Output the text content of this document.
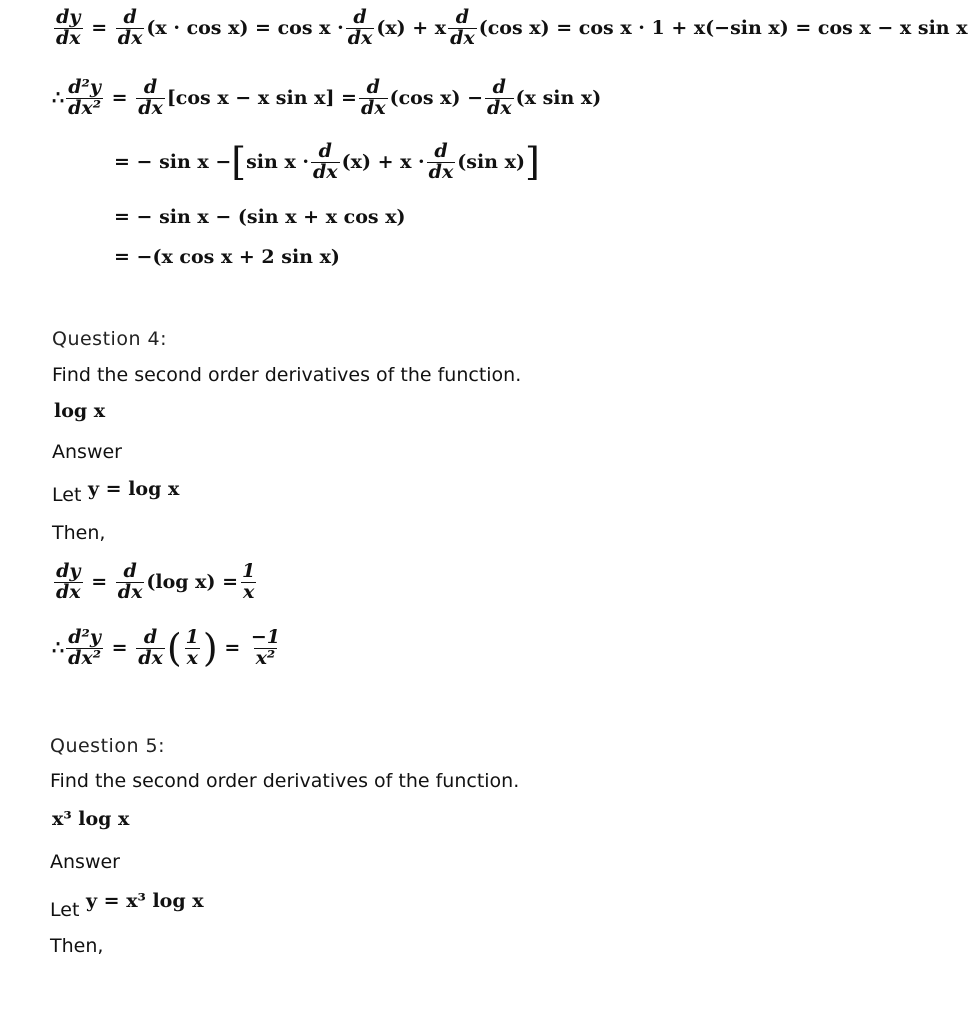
$\frac{dy}{dx} = \frac{d}{dx} (x \cdot \cos x) = \cos x \cdot \frac{d}{dx} (x) + x \frac{d}{dx} (\cos$ x) = cos x · 1 + x(−sin x) = cos x − x sin x
∴ $\frac{\text{d²y}}{\text{dx²}} = \frac{d}{dx} [\cos$ x − x $\sin x] = \frac{d}{dx} (\cos$ $x) - \frac{d}{dx} (x$ sin x)
= − sin x − [ $\sin x \cdot \frac{d}{dx} (x) + x \cdot \frac{d}{dx} (\sin$ x) ]
= − sin x − (sin x + x cos x)
= −(x cos x + 2 sin x)
Question 4:
Find the second order derivatives of the function.
log x
Answer
Let y = log x
Then,
$\frac{dy}{dx} = \frac{d}{dx} (\log$ $x) = \frac{1}{x}$
∴ $\frac{\text{d²y}}{\text{dx²}} = \frac{d}{dx}$ ( $\frac{1}{x}$ ) = $\frac{-1}{\text{x²}}$
Question 5:
Find the second order derivatives of the function.
x³ log x
Answer
Let y = x³ log x
Then,
